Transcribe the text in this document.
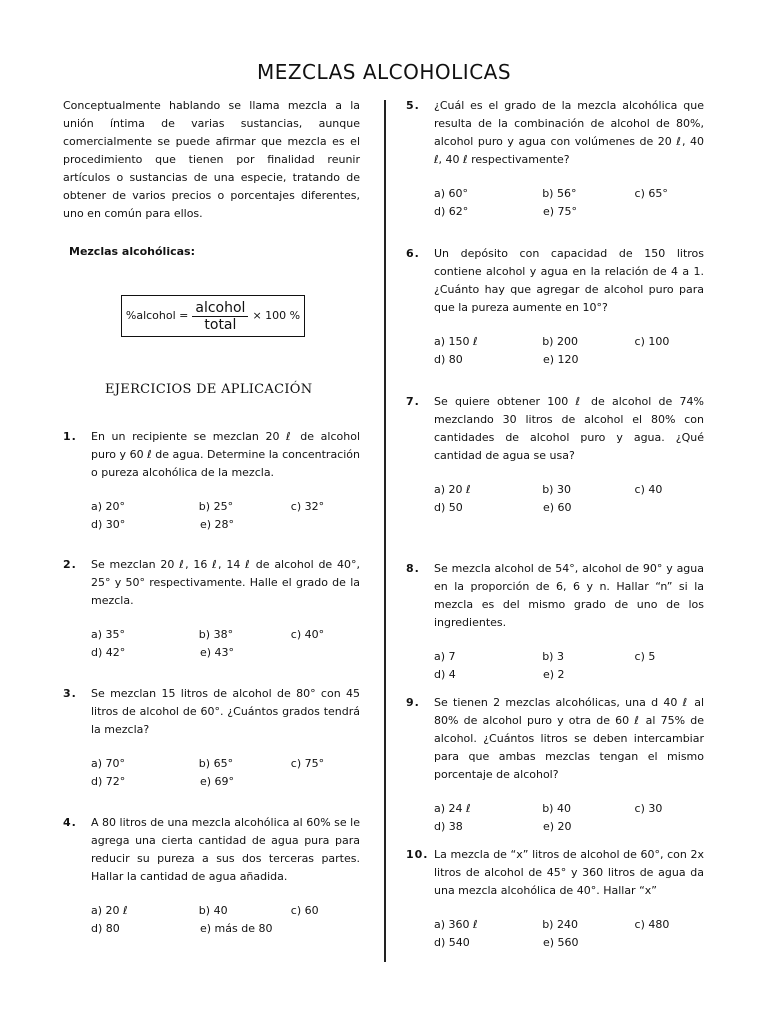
MEZCLAS ALCOHOLICAS

Conceptualmente hablando se llama mezcla a la unión íntima de varias sustancias, aunque comercialmente se puede afirmar que mezcla es el procedimiento que tienen por finalidad reunir artículos o sustancias de una especie, tratando de obtener de varios precios o porcentajes diferentes, uno en común para ellos.

Mezclas alcohólicas:
%alcohol = $\frac{\text{alcohol}}{\text{total}} \times 100$ %
EJERCICIOS DE APLICACIÓN
1.	En un recipiente se mezclan 20 ℓ de alcohol puro y 60 ℓ de agua. Determine la concentración o pureza alcohólica de la mezcla.
a) 20°	b) 25°	c) 32°
d) 30°	e) 28°
2.	Se mezclan 20 ℓ, 16 ℓ, 14 ℓ de alcohol de 40°, 25° y 50° respectivamente. Halle el grado de la mezcla.
a) 35°	b) 38°	c) 40°
d) 42°	e) 43°
3.	Se mezclan 15 litros de alcohol de 80° con 45 litros de alcohol de 60°. ¿Cuántos grados tendrá la mezcla?
a) 70°	b) 65°	c) 75°
d) 72°	e) 69°
4.	A 80 litros de una mezcla alcohólica al 60% se le agrega una cierta cantidad de agua pura para reducir su pureza a sus dos terceras partes. Hallar la cantidad de agua añadida.
a) 20 ℓ	b) 40	c) 60
d) 80	e) más de 80
5.	¿Cuál es el grado de la mezcla alcohólica que resulta de la combinación de alcohol de 80%, alcohol puro y agua con volúmenes de 20 ℓ, 40 ℓ, 40 ℓ respectivamente?
a) 60°	b) 56°	c) 65°
d) 62°	e) 75°
6.	Un depósito con capacidad de 150 litros contiene alcohol y agua en la relación de 4 a 1. ¿Cuánto hay que agregar de alcohol puro para que la pureza aumente en 10°?
a) 150 ℓ	b) 200	c) 100
d) 80	e) 120
7.	Se quiere obtener 100 ℓ de alcohol de 74% mezclando 30 litros de alcohol el 80% con cantidades de alcohol puro y agua. ¿Qué cantidad de agua se usa?
a) 20 ℓ	b) 30	c) 40
d) 50	e) 60
8.	Se mezcla alcohol de 54°, alcohol de 90° y agua en la proporción de 6, 6 y n. Hallar “n” si la mezcla es del mismo grado de uno de los ingredientes.
a) 7	b) 3	c) 5
d) 4	e) 2
9.	Se tienen 2 mezclas alcohólicas, una d 40 ℓ al 80% de alcohol puro y otra de 60 ℓ al 75% de alcohol. ¿Cuántos litros se deben intercambiar para que ambas mezclas tengan el mismo porcentaje de alcohol?
a) 24 ℓ	b) 40	c) 30
d) 38	e) 20
10. La mezcla de “x” litros de alcohol de 60°, con 2x litros de alcohol de 45° y 360 litros de agua da una mezcla alcohólica de 40°. Hallar “x”
a) 360 ℓ	b) 240	c) 480
d) 540	e) 560
